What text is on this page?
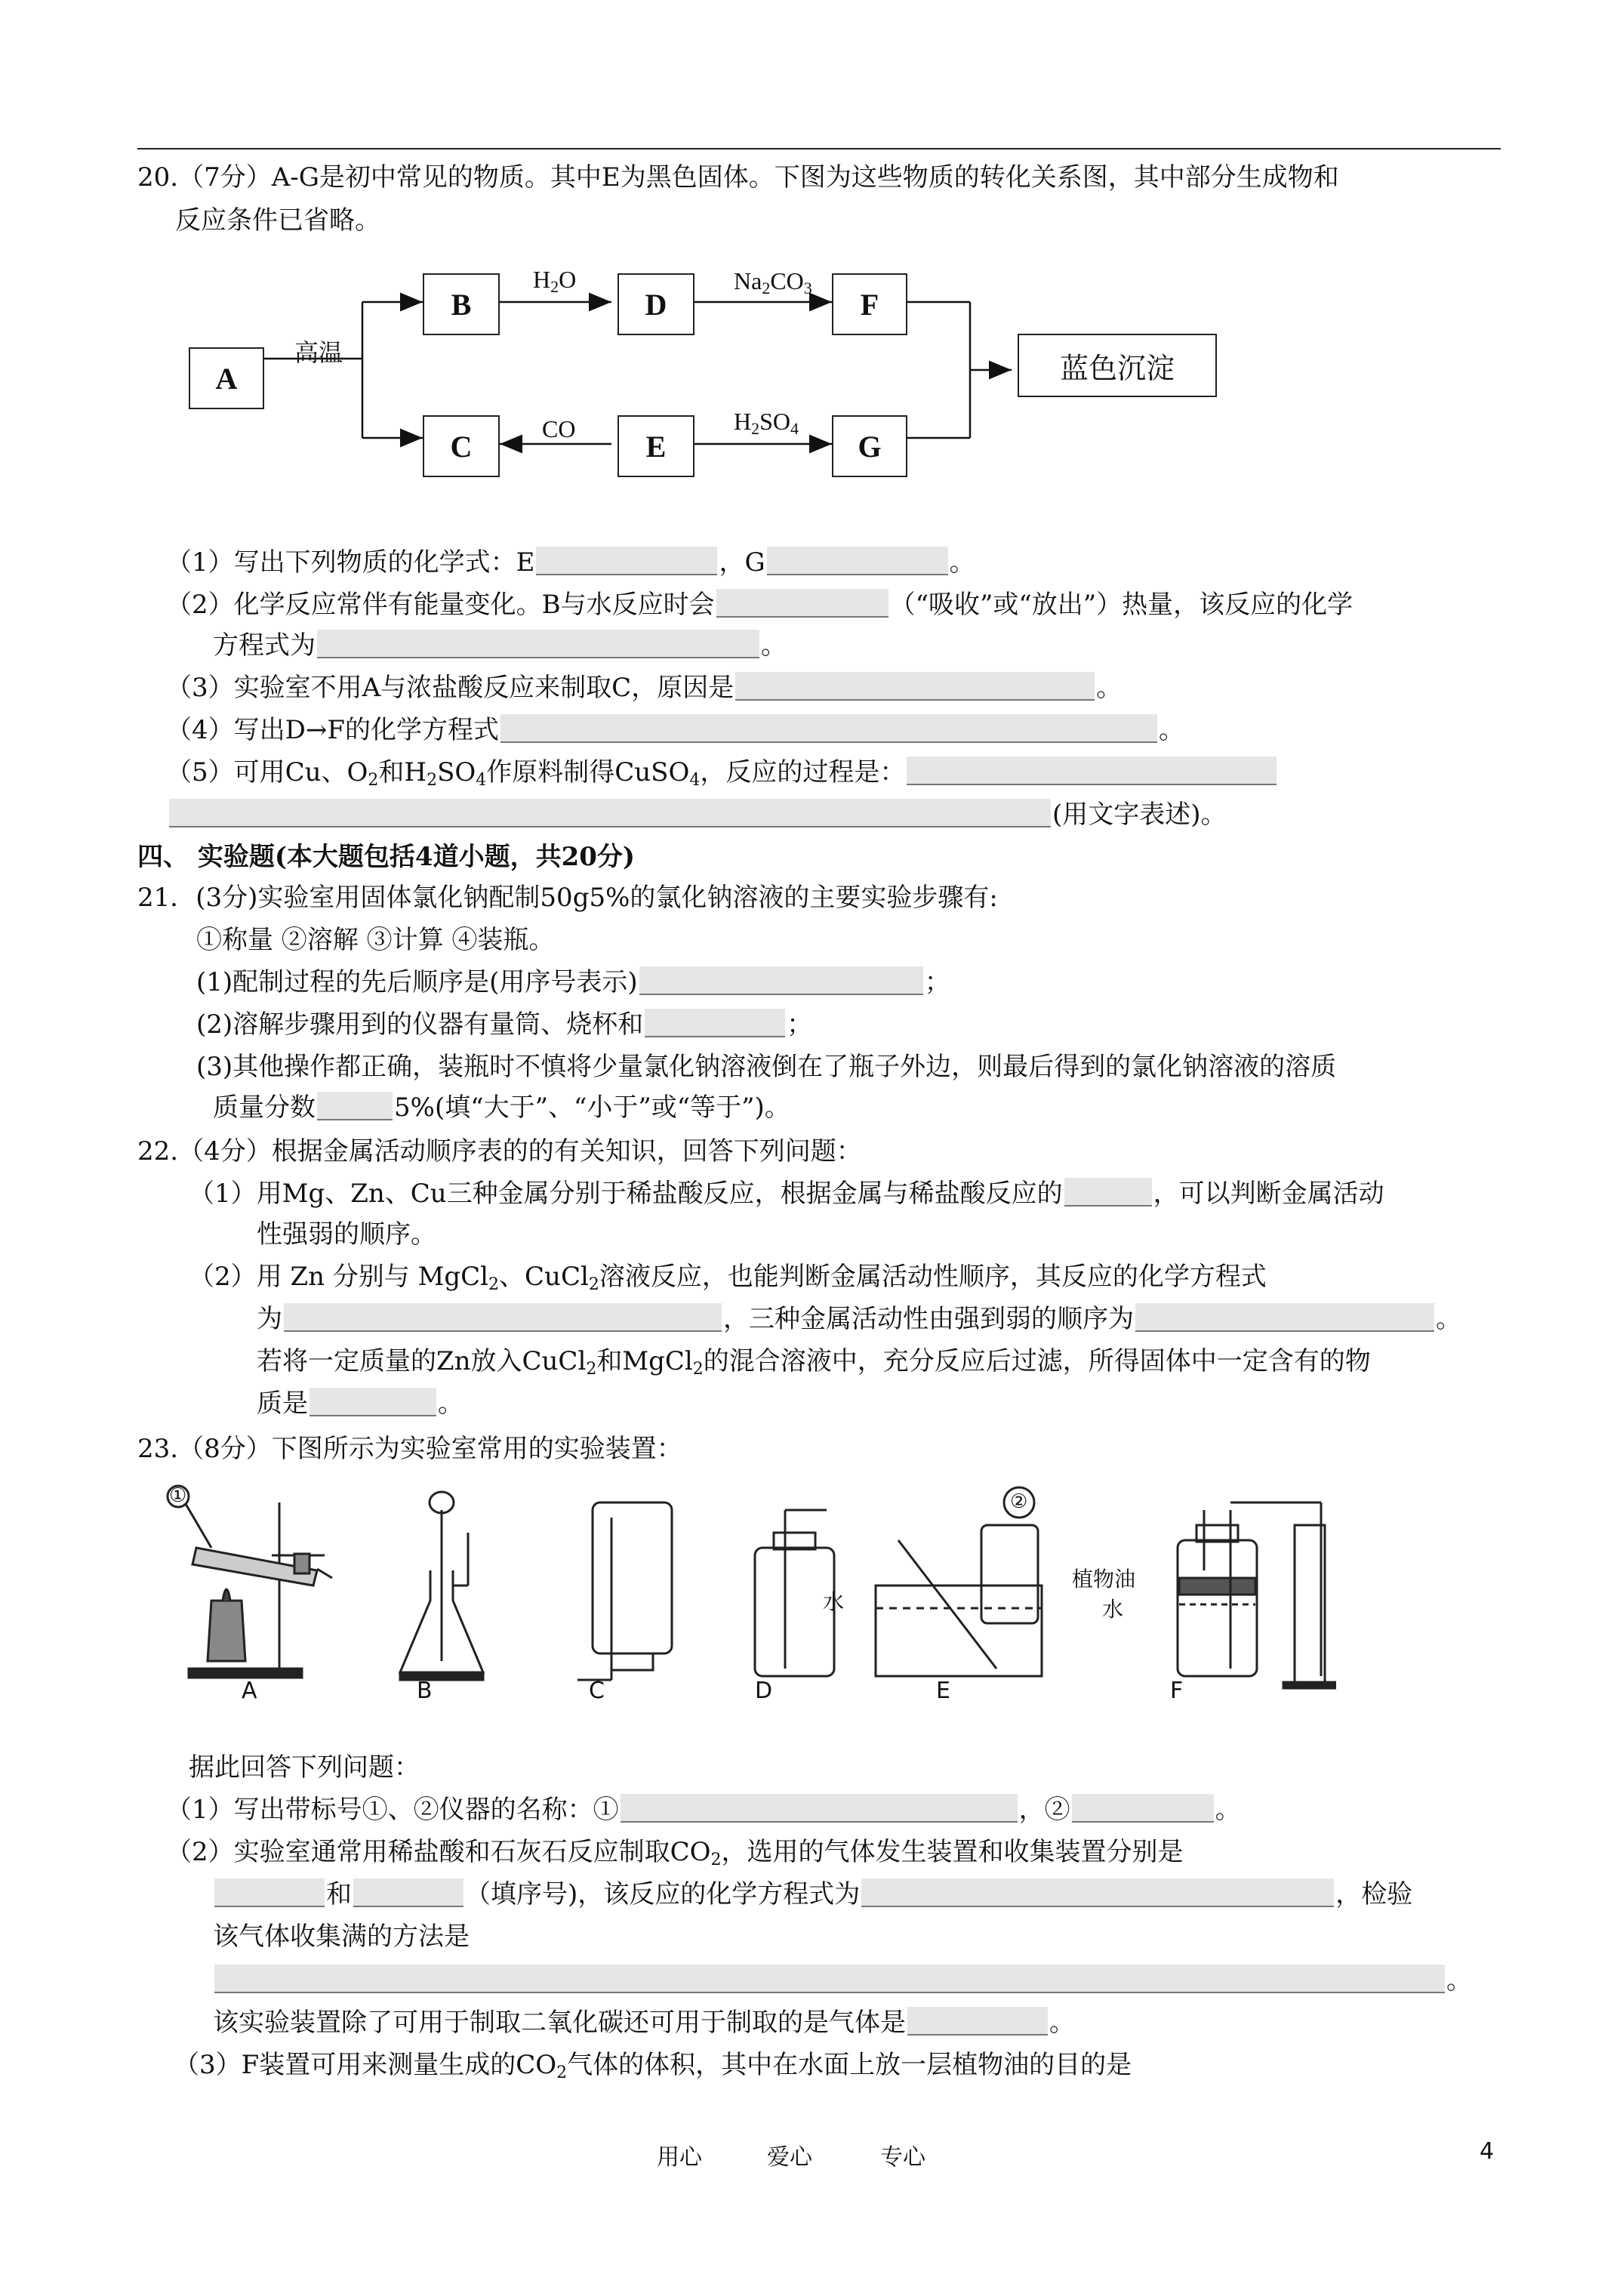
20.（7分）A-G是初中常见的物质。其中E为黑色固体。下图为这些物质的转化关系图，其中部分生成物和
反应条件已省略。
A
B
C
D
E
F
G
蓝色沉淀
高温
$H_2O$	$Na_2CO_3$
CO	$H_2SO_4$
（1）写出下列物质的化学式：E	，G	。
（2）化学反应常伴有能量变化。B与水反应时会	（“吸收”或“放出”）热量，该反应的化学
方程式为	。
（3）实验室不用A与浓盐酸反应来制取C，原因是	。
（4）写出D→F的化学方程式	。
（5）可用Cu、$O_2$和$H_2SO_4$作原料制得CuSO$_4$，反应的过程是：
(用文字表述)。
四、 实验题(本大题包括4道小题，共20分)
21．(3分)实验室用固体氯化钠配制50g5%的氯化钠溶液的主要实验步骤有:
①称量 ②溶解 ③计算 ④装瓶。
(1)配制过程的先后顺序是(用序号表示)	；
(2)溶解步骤用到的仪器有量筒、烧杯和	；
(3)其他操作都正确，装瓶时不慎将少量氯化钠溶液倒在了瓶子外边，则最后得到的氯化钠溶液的溶质
质量分数	5%(填“大于”、“小于”或“等于”)。
22.（4分）根据金属活动顺序表的的有关知识，回答下列问题：
（1）用Mg、Zn、Cu三种金属分别于稀盐酸反应，根据金属与稀盐酸反应的	，可以判断金属活动
性强弱的顺序。
（2）用 Zn 分别与 MgCl$_2$、CuCl$_2$溶液反应，也能判断金属活动性顺序，其反应的化学方程式
为	，三种金属活动性由强到弱的顺序为	。
若将一定质量的Zn放入CuCl$_2$和MgCl$_2$的混合溶液中，充分反应后过滤，所得固体中一定含有的物
质是	。
23.（8分）下图所示为实验室常用的实验装置：
A	B	C	D	E	F
①	②
水
植物油
水
据此回答下列问题：
（1）写出带标号①、②仪器的名称：①	，②	。
（2）实验室通常用稀盐酸和石灰石反应制取$CO_2$，选用的气体发生装置和收集装置分别是
和	（填序号)，该反应的化学方程式为	，检验
该气体收集满的方法是
。
该实验装置除了可用于制取二氧化碳还可用于制取的是气体是	。
（3）F装置可用来测量生成的$CO_2$气体的体积，其中在水面上放一层植物油的目的是
用心	爱心	专心	4
